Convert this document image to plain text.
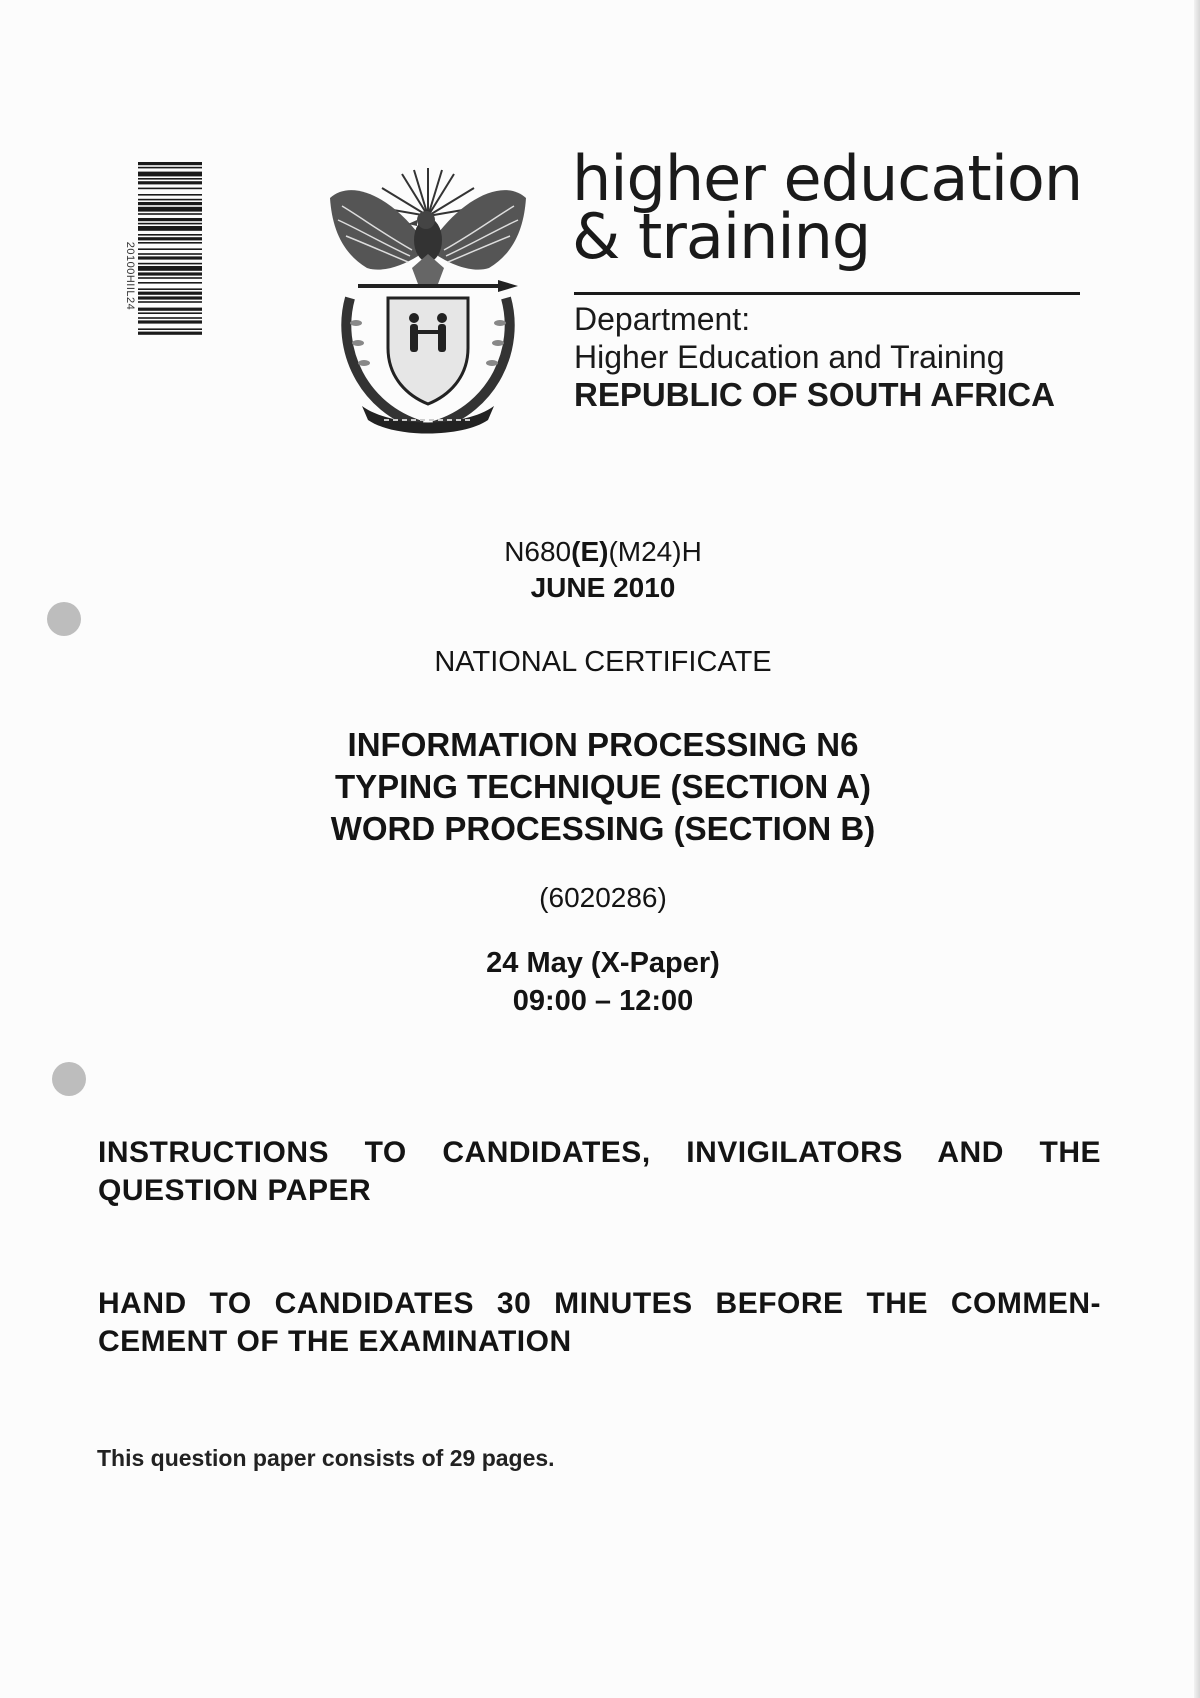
20100HIIL24
higher education
& training
Department:
Higher Education and Training
REPUBLIC OF SOUTH AFRICA
N680(E)(M24)H
JUNE 2010
NATIONAL CERTIFICATE
INFORMATION PROCESSING N6
TYPING TECHNIQUE (SECTION A)
WORD PROCESSING (SECTION B)
(6020286)
24 May (X-Paper)
09:00 – 12:00
INSTRUCTIONS TO CANDIDATES, INVIGILATORS AND THE QUESTION PAPER
HAND TO CANDIDATES 30 MINUTES BEFORE THE COMMEN-CEMENT OF THE EXAMINATION
This question paper consists of 29 pages.
